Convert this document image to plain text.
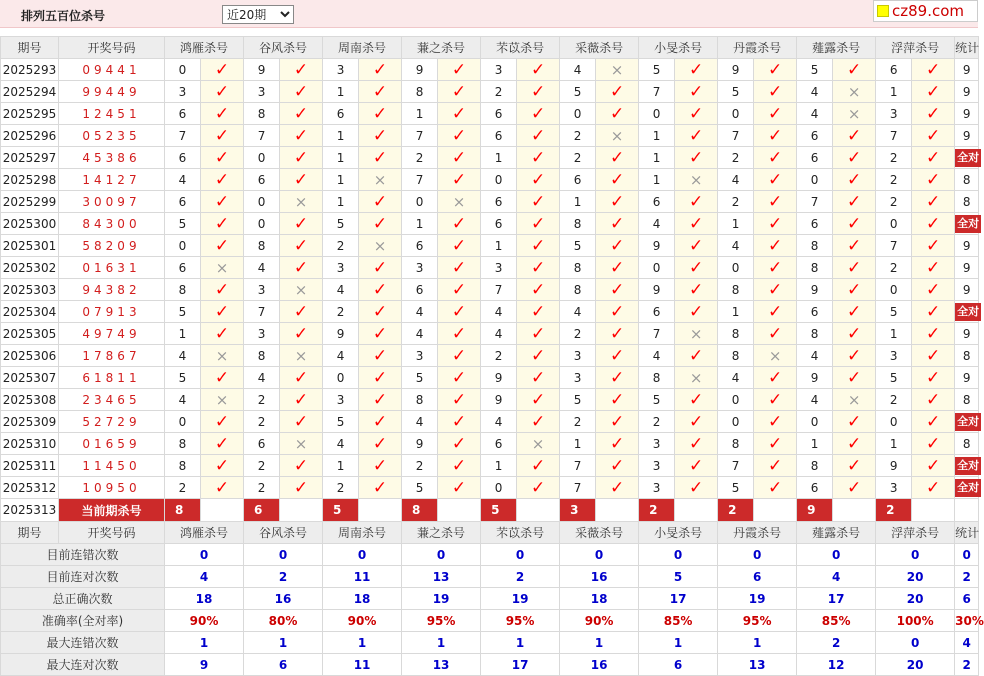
排列五百位杀号
近20期	cz89.com
期号	开奖号码	鸿雁杀号		谷风杀号		周南杀号		蒹之杀号		芣苡杀号		采薇杀号		小旻杀号		丹霞杀号		薤露杀号		浮萍杀号		统计
2025293	09441	0	✓	9	✓	3	✓	9	✓	3	✓	4	×	5	✓	9	✓	5	✓	6	✓	9
2025294	99449	3	✓	3	✓	1	✓	8	✓	2	✓	5	✓	7	✓	5	✓	4	×	1	✓	9
2025295	12451	6	✓	8	✓	6	✓	1	✓	6	✓	0	✓	0	✓	0	✓	4	×	3	✓	9
2025296	05235	7	✓	7	✓	1	✓	7	✓	6	✓	2	×	1	✓	7	✓	6	✓	7	✓	9
2025297	45386	6	✓	0	✓	1	✓	2	✓	1	✓	2	✓	1	✓	2	✓	6	✓	2	✓	全对
2025298	14127	4	✓	6	✓	1	×	7	✓	0	✓	6	✓	1	×	4	✓	0	✓	2	✓	8
2025299	30097	6	✓	0	×	1	✓	0	×	6	✓	1	✓	6	✓	2	✓	7	✓	2	✓	8
2025300	84300	5	✓	0	✓	5	✓	1	✓	6	✓	8	✓	4	✓	1	✓	6	✓	0	✓	全对
2025301	58209	0	✓	8	✓	2	×	6	✓	1	✓	5	✓	9	✓	4	✓	8	✓	7	✓	9
2025302	01631	6	×	4	✓	3	✓	3	✓	3	✓	8	✓	0	✓	0	✓	8	✓	2	✓	9
2025303	94382	8	✓	3	×	4	✓	6	✓	7	✓	8	✓	9	✓	8	✓	9	✓	0	✓	9
2025304	07913	5	✓	7	✓	2	✓	4	✓	4	✓	4	✓	6	✓	1	✓	6	✓	5	✓	全对
2025305	49749	1	✓	3	✓	9	✓	4	✓	4	✓	2	✓	7	×	8	✓	8	✓	1	✓	9
2025306	17867	4	×	8	×	4	✓	3	✓	2	✓	3	✓	4	✓	8	×	4	✓	3	✓	8
2025307	61811	5	✓	4	✓	0	✓	5	✓	9	✓	3	✓	8	×	4	✓	9	✓	5	✓	9
2025308	23465	4	×	2	✓	3	✓	8	✓	9	✓	5	✓	5	✓	0	✓	4	×	2	✓	8
2025309	52729	0	✓	2	✓	5	✓	4	✓	4	✓	2	✓	2	✓	0	✓	0	✓	0	✓	全对
2025310	01659	8	✓	6	×	4	✓	9	✓	6	×	1	✓	3	✓	8	✓	1	✓	1	✓	8
2025311	11450	8	✓	2	✓	1	✓	2	✓	1	✓	7	✓	3	✓	7	✓	8	✓	9	✓	全对
2025312	10950	2	✓	2	✓	2	✓	5	✓	0	✓	7	✓	3	✓	5	✓	6	✓	3	✓	全对
2025313	当前期杀号	8		6		5		8		5		3		2		2		9		2		
期号	开奖号码	鸿雁杀号		谷风杀号		周南杀号		蒹之杀号		芣苡杀号		采薇杀号		小旻杀号		丹霞杀号		薤露杀号		浮萍杀号		统计
目前连错次数		0		0		0		0		0		0		0		0		0		0		0
目前连对次数		4		2		11		13		2		16		5		6		4		20		2
总正确次数		18		16		18		19		19		18		17		19		17		20		6
准确率(全对率)		90%		80%		90%		95%		95%		90%		85%		95%		85%		100%		30%
最大连错次数		1		1		1		1		1		1		1		1		2		0		4
最大连对次数		9		6		11		13		17		16		6		13		12		20		2
